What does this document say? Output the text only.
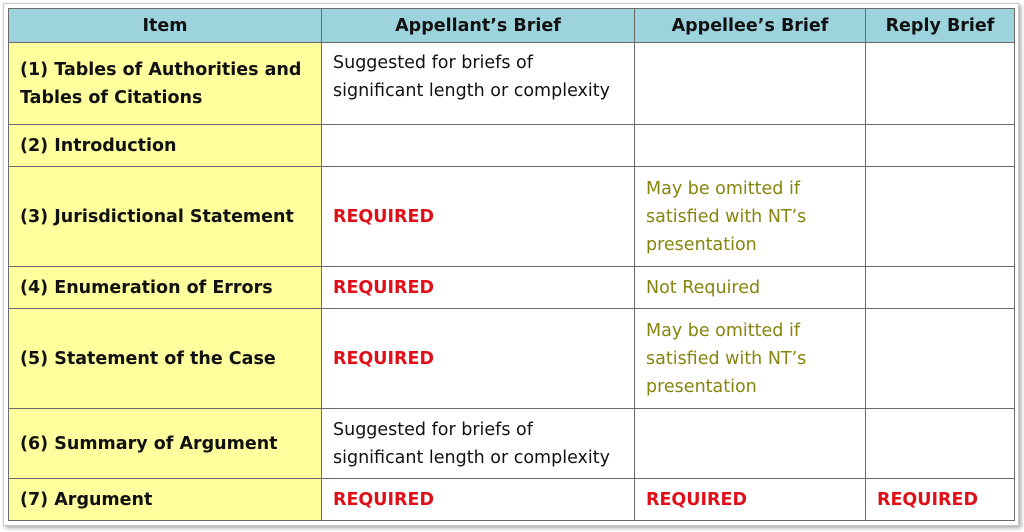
Item	Appellant’s Brief	Appellee’s Brief	Reply Brief
(1) Tables of Authorities and Tables of Citations	Suggested for briefs of significant length or complexity		
(2) Introduction			
(3) Jurisdictional Statement	REQUIRED	May be omitted if satisfied with NT’s presentation	
(4) Enumeration of Errors	REQUIRED	Not Required	
(5) Statement of the Case	REQUIRED	May be omitted if satisfied with NT’s presentation	
(6) Summary of Argument	Suggested for briefs of significant length or complexity		
(7) Argument	REQUIRED	REQUIRED	REQUIRED
